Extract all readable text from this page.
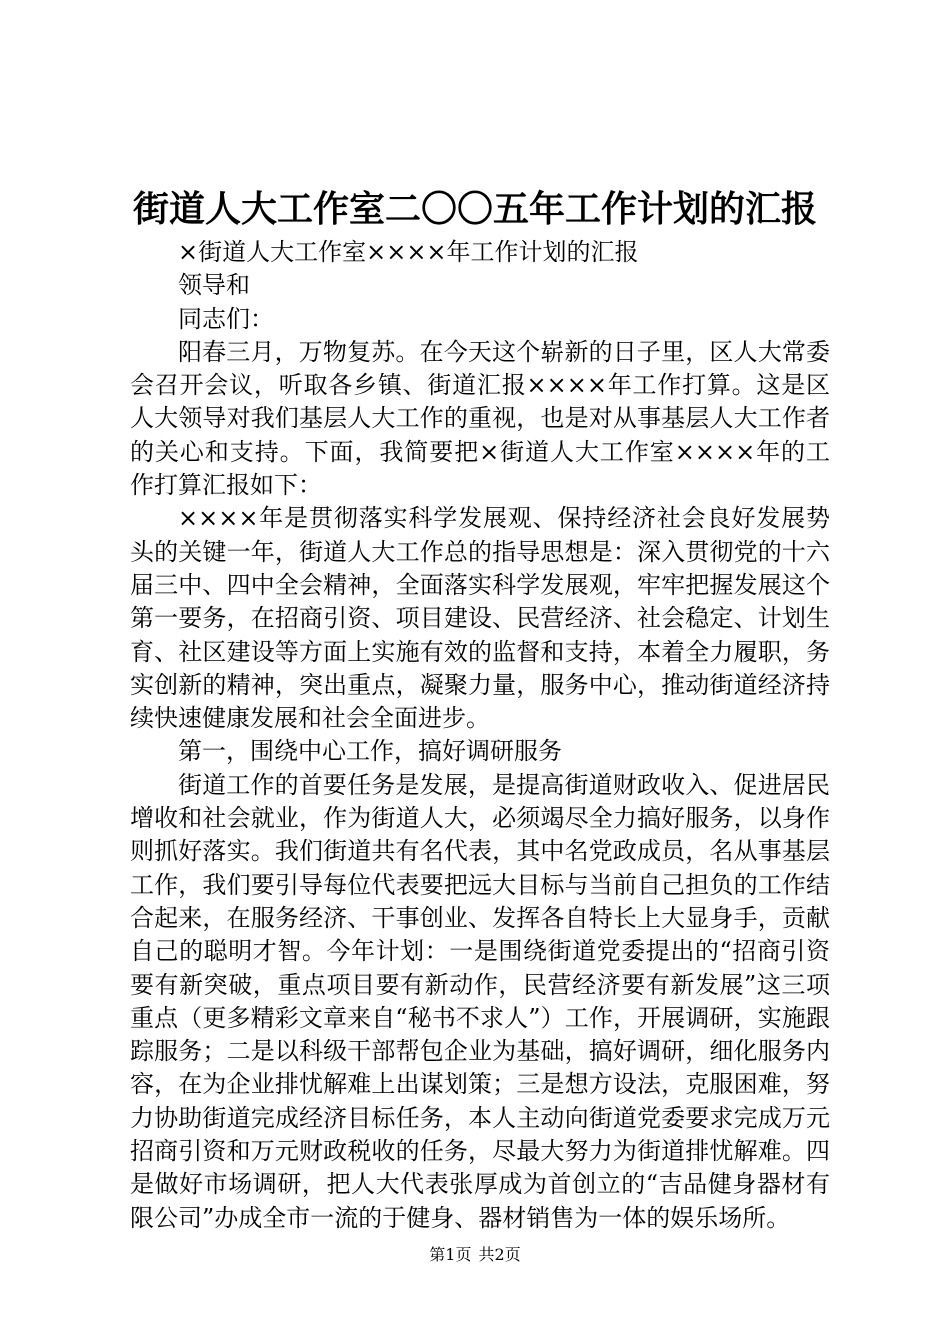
街道人大工作室二〇〇五年工作计划的汇报

×街道人大工作室××××年工作计划的汇报

领导和

同志们：

阳春三月，万物复苏。在今天这个崭新的日子里，区人大常委会召开会议，听取各乡镇、街道汇报××××年工作打算。这是区人大领导对我们基层人大工作的重视，也是对从事基层人大工作者的关心和支持。下面，我简要把×街道人大工作室××××年的工作打算汇报如下：

××××年是贯彻落实科学发展观、保持经济社会良好发展势头的关键一年，街道人大工作总的指导思想是：深入贯彻党的十六届三中、四中全会精神，全面落实科学发展观，牢牢把握发展这个第一要务，在招商引资、项目建设、民营经济、社会稳定、计划生育、社区建设等方面上实施有效的监督和支持，本着全力履职，务实创新的精神，突出重点，凝聚力量，服务中心，推动街道经济持续快速健康发展和社会全面进步。

第一，围绕中心工作，搞好调研服务

街道工作的首要任务是发展，是提高街道财政收入、促进居民增收和社会就业，作为街道人大，必须竭尽全力搞好服务，以身作则抓好落实。我们街道共有名代表，其中名党政成员，名从事基层工作，我们要引导每位代表要把远大目标与当前自己担负的工作结合起来，在服务经济、干事创业、发挥各自特长上大显身手，贡献自己的聪明才智。今年计划：一是围绕街道党委提出的“招商引资要有新突破，重点项目要有新动作，民营经济要有新发展”这三项重点（更多精彩文章来自“秘书不求人”）工作，开展调研，实施跟踪服务；二是以科级干部帮包企业为基础，搞好调研，细化服务内容，在为企业排忧解难上出谋划策；三是想方设法，克服困难，努力协助街道完成经济目标任务，本人主动向街道党委要求完成万元招商引资和万元财政税收的任务，尽最大努力为街道排忧解难。四是做好市场调研，把人大代表张厚成为首创立的“吉品健身器材有限公司”办成全市一流的于健身、器材销售为一体的娱乐场所。

第1页 共2页
